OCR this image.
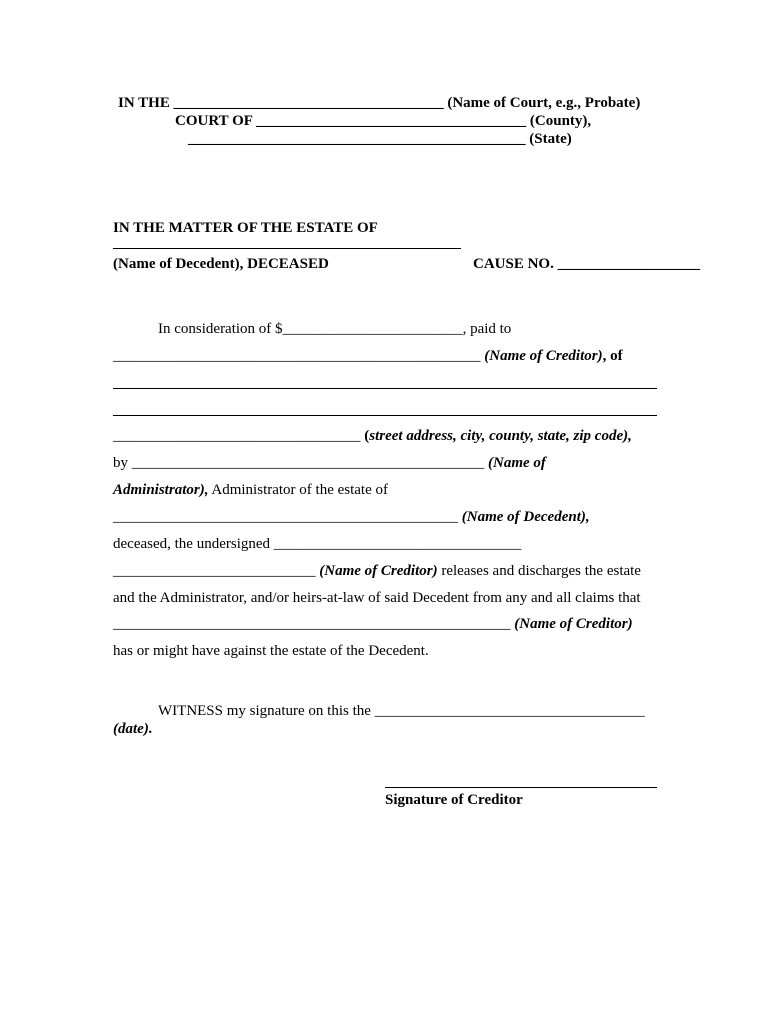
IN THE ____________________________________ (Name of Court, e.g., Probate)
COURT OF ____________________________________ (County),
_____________________________________________ (State)
IN THE MATTER OF THE ESTATE OF
(Name of Decedent), DECEASED	CAUSE NO. ___________________
In consideration of $________________________, paid to
_________________________________________________ (Name of Creditor), of
_________________________________ (street address, city, county, state, zip code),
by _______________________________________________ (Name of
Administrator), Administrator of the estate of
______________________________________________ (Name of Decedent),
deceased, the undersigned _________________________________
___________________________ (Name of Creditor) releases and discharges the estate
and the Administrator, and/or heirs-at-law of said Decedent from any and all claims that
_____________________________________________________ (Name of Creditor)
has or might have against the estate of the Decedent.
WITNESS my signature on this the ____________________________________
(date).
Signature of Creditor
